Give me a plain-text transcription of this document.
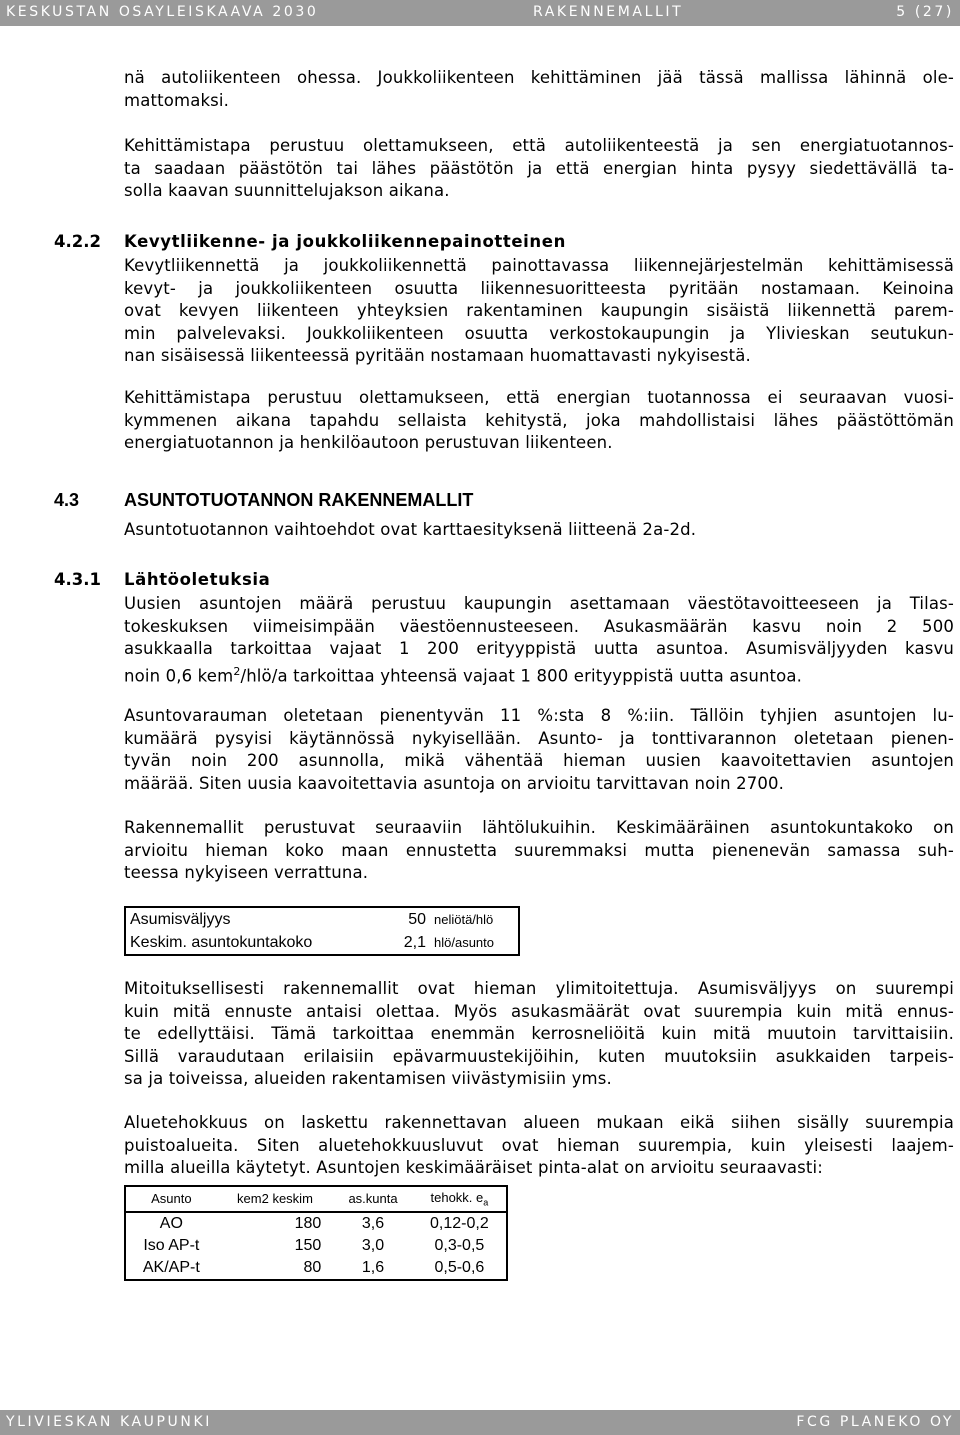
KESKUSTAN OSAYLEISKAAVA 2030	RAKENNEMALLIT	5 (27)
YLIVIESKAN KAUPUNKI	FCG PLANEKO OY

nä autoliikenteen ohessa. Joukkoliikenteen kehittäminen jää tässä mallissa lähinnä ole-
mattomaksi.

Kehittämistapa perustuu olettamukseen, että autoliikenteestä ja sen energiatuotannos-
ta saadaan päästötön tai lähes päästötön ja että energian hinta pysyy siedettävällä ta-
solla kaavan suunnittelujakson aikana.

4.2.2 Kevytliikenne- ja joukkoliikennepainotteinen

Kevytliikennettä ja joukkoliikennettä painottavassa liikennejärjestelmän kehittämisessä
kevyt- ja joukkoliikenteen osuutta liikennesuoritteesta pyritään nostamaan. Keinoina
ovat kevyen liikenteen yhteyksien rakentaminen kaupungin sisäistä liikennettä parem-
min palvelevaksi. Joukkoliikenteen osuutta verkostokaupungin ja Ylivieskan seutukun-
nan sisäisessä liikenteessä pyritään nostamaan huomattavasti nykyisestä.

Kehittämistapa perustuu olettamukseen, että energian tuotannossa ei seuraavan vuosi-
kymmenen aikana tapahdu sellaista kehitystä, joka mahdollistaisi lähes päästöttömän
energiatuotannon ja henkilöautoon perustuvan liikenteen.

4.3 ASUNTOTUOTANNON RAKENNEMALLIT

Asuntotuotannon vaihtoehdot ovat karttaesityksenä liitteenä 2a-2d.

4.3.1 Lähtöoletuksia

Uusien asuntojen määrä perustuu kaupungin asettamaan väestötavoitteeseen ja Tilas-
tokeskuksen viimeisimpään väestöennusteeseen. Asukasmäärän kasvu noin 2 500
asukkaalla tarkoittaa vajaat 1 200 erityyppistä uutta asuntoa. Asumisväljyyden kasvu
noin 0,6 kem$^2$/hlö/a tarkoittaa yhteensä vajaat 1 800 erityyppistä uutta asuntoa.

Asuntovarauman oletetaan pienentyvän 11 %:sta 8 %:iin. Tällöin tyhjien asuntojen lu-
kumäärä pysyisi käytännössä nykyisellään. Asunto- ja tonttivarannon oletetaan pienen-
tyvän noin 200 asunnolla, mikä vähentää hieman uusien kaavoitettavien asuntojen
määrää. Siten uusia kaavoitettavia asuntoja on arvioitu tarvittavan noin 2700.

Rakennemallit perustuvat seuraaviin lähtölukuihin. Keskimääräinen asuntokuntakoko on
arvioitu hieman koko maan ennustetta suuremmaksi mutta pienenevän samassa suh-
teessa nykyiseen verrattuna.

Asumisväljyys	50	neliötä/hlö
Keskim. asuntokuntakoko	2,1	hlö/asunto

Mitoituksellisesti rakennemallit ovat hieman ylimitoitettuja. Asumisväljyys on suurempi
kuin mitä ennuste antaisi olettaa. Myös asukasmäärät ovat suurempia kuin mitä ennus-
te edellyttäisi. Tämä tarkoittaa enemmän kerrosneliöitä kuin mitä muutoin tarvittaisiin.
Sillä varaudutaan erilaisiin epävarmuustekijöihin, kuten muutoksiin asukkaiden tarpeis-
sa ja toiveissa, alueiden rakentamisen viivästymisiin yms.

Aluetehokkuus on laskettu rakennettavan alueen mukaan eikä siihen sisälly suurempia
puistoalueita. Siten aluetehokkuusluvut ovat hieman suurempia, kuin yleisesti laajem-
milla alueilla käytetyt. Asuntojen keskimääräiset pinta-alat on arvioitu seuraavasti:

Asunto	kem2 keskim	as.kunta	tehokk. $e_a$
AO	180	3,6	0,12-0,2
Iso AP-t	150	3,0	0,3-0,5
AK/AP-t	80	1,6	0,5-0,6
